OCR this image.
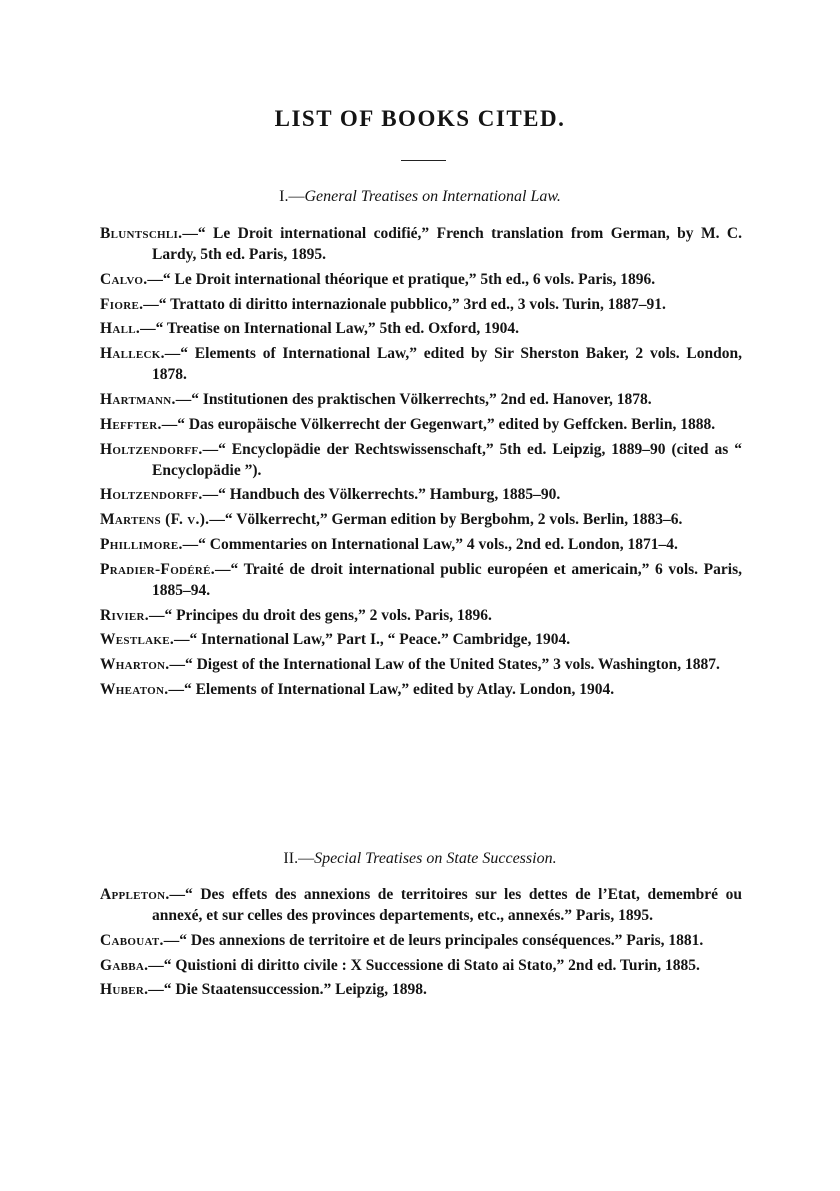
LIST OF BOOKS CITED.
I.—General Treatises on International Law.

Bluntschli.—“ Le Droit international codifié,” French translation from German, by M. C. Lardy, 5th ed. Paris, 1895.

Calvo.—“ Le Droit international théorique et pratique,” 5th ed., 6 vols. Paris, 1896.

Fiore.—“ Trattato di diritto internazionale pubblico,” 3rd ed., 3 vols. Turin, 1887–91.

Hall.—“ Treatise on International Law,” 5th ed. Oxford, 1904.

Halleck.—“ Elements of International Law,” edited by Sir Sherston Baker, 2 vols. London, 1878.

Hartmann.—“ Institutionen des praktischen Völkerrechts,” 2nd ed. Hanover, 1878.

Heffter.—“ Das europäische Völkerrecht der Gegenwart,” edited by Geffcken. Berlin, 1888.

Holtzendorff.—“ Encyclopädie der Rechtswissenschaft,” 5th ed. Leipzig, 1889–90 (cited as “ Encyclopädie ”).

Holtzendorff.—“ Handbuch des Völkerrechts.” Hamburg, 1885–90.

Martens (F. v.).—“ Völkerrecht,” German edition by Bergbohm, 2 vols. Berlin, 1883–6.

Phillimore.—“ Commentaries on International Law,” 4 vols., 2nd ed. London, 1871–4.

Pradier-Fodéré.—“ Traité de droit international public européen et americain,” 6 vols. Paris, 1885–94.

Rivier.—“ Principes du droit des gens,” 2 vols. Paris, 1896.

Westlake.—“ International Law,” Part I., “ Peace.” Cambridge, 1904.

Wharton.—“ Digest of the International Law of the United States,” 3 vols. Washington, 1887.

Wheaton.—“ Elements of International Law,” edited by Atlay. London, 1904.

II.—Special Treatises on State Succession.

Appleton.—“ Des effets des annexions de territoires sur les dettes de l’Etat, demembré ou annexé, et sur celles des provinces departements, etc., annexés.” Paris, 1895.

Cabouat.—“ Des annexions de territoire et de leurs principales conséquences.” Paris, 1881.

Gabba.—“ Quistioni di diritto civile : X Successione di Stato ai Stato,” 2nd ed. Turin, 1885.

Huber.—“ Die Staatensuccession.” Leipzig, 1898.
